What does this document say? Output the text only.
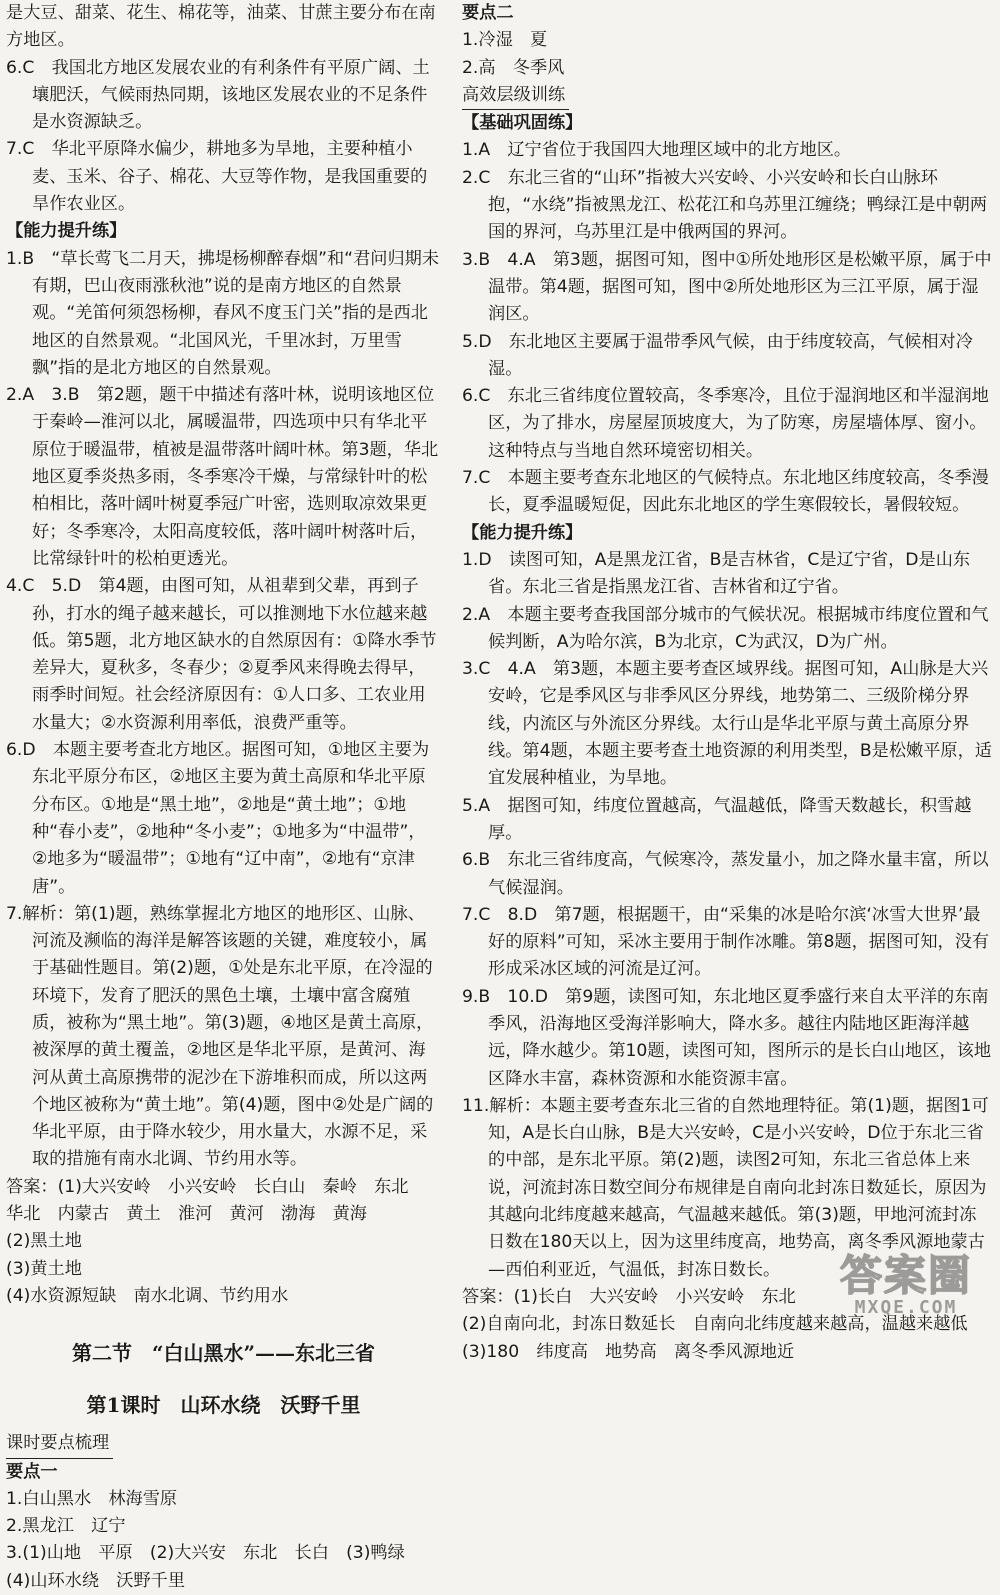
是大豆、甜菜、花生、棉花等，油菜、甘蔗主要分布在南方地区。

6.C　我国北方地区发展农业的有利条件有平原广阔、土壤肥沃，气候雨热同期，该地区发展农业的不足条件是水资源缺乏。

7.C　华北平原降水偏少，耕地多为旱地，主要种植小麦、玉米、谷子、棉花、大豆等作物，是我国重要的旱作农业区。

【能力提升练】

1.B　“草长莺飞二月天，拂堤杨柳醉春烟”和“君问归期未有期，巴山夜雨涨秋池”说的是南方地区的自然景观。“羌笛何须怨杨柳，春风不度玉门关”指的是西北地区的自然景观。“北国风光，千里冰封，万里雪飘”指的是北方地区的自然景观。

2.A　3.B　第2题，题干中描述有落叶林，说明该地区位于秦岭—淮河以北，属暖温带，四选项中只有华北平原位于暖温带，植被是温带落叶阔叶林。第3题，华北地区夏季炎热多雨，冬季寒冷干燥，与常绿针叶的松柏相比，落叶阔叶树夏季冠广叶密，选则取凉效果更好；冬季寒冷，太阳高度较低，落叶阔叶树落叶后，比常绿针叶的松柏更透光。

4.C　5.D　第4题，由图可知，从祖辈到父辈，再到子孙，打水的绳子越来越长，可以推测地下水位越来越低。第5题，北方地区缺水的自然原因有：①降水季节差异大，夏秋多，冬春少；②夏季风来得晚去得早，雨季时间短。社会经济原因有：①人口多、工农业用水量大；②水资源利用率低，浪费严重等。

6.D　本题主要考查北方地区。据图可知，①地区主要为东北平原分布区，②地区主要为黄土高原和华北平原分布区。①地是“黑土地”，②地是“黄土地”；①地种“春小麦”，②地种“冬小麦”；①地多为“中温带”，②地多为“暖温带”；①地有“辽中南”，②地有“京津唐”。

7.解析：第(1)题，熟练掌握北方地区的地形区、山脉、河流及濒临的海洋是解答该题的关键，难度较小，属于基础性题目。第(2)题，①处是东北平原，在冷湿的环境下，发育了肥沃的黑色土壤，土壤中富含腐殖质，被称为“黑土地”。第(3)题，④地区是黄土高原，被深厚的黄土覆盖，②地区是华北平原，是黄河、海河从黄土高原携带的泥沙在下游堆积而成，所以这两个地区被称为“黄土地”。第(4)题，图中②处是广阔的华北平原，由于降水较少，用水量大，水源不足，采取的措施有南水北调、节约用水等。

答案：(1)大兴安岭　小兴安岭　长白山　秦岭　东北　华北　内蒙古　黄土　淮河　黄河　渤海　黄海

(2)黑土地

(3)黄土地

(4)水资源短缺　南水北调、节约用水

第二节　“白山黑水”——东北三省

第1课时　山环水绕　沃野千里

课时要点梳理

要点一

1.白山黑水　林海雪原

2.黑龙江　辽宁

3.(1)山地　平原　(2)大兴安　东北　长白　(3)鸭绿

(4)山环水绕　沃野千里

要点二

1.冷湿　夏

2.高　冬季风

高效层级训练

【基础巩固练】

1.A　辽宁省位于我国四大地理区域中的北方地区。

2.C　东北三省的“山环”指被大兴安岭、小兴安岭和长白山脉环抱，“水绕”指被黑龙江、松花江和乌苏里江缠绕；鸭绿江是中朝两国的界河，乌苏里江是中俄两国的界河。

3.B　4.A　第3题，据图可知，图中①所处地形区是松嫩平原，属于中温带。第4题，据图可知，图中②所处地形区为三江平原，属于湿润区。

5.D　东北地区主要属于温带季风气候，由于纬度较高，气候相对冷湿。

6.C　东北三省纬度位置较高，冬季寒冷，且位于湿润地区和半湿润地区，为了排水，房屋屋顶坡度大，为了防寒，房屋墙体厚、窗小。这种特点与当地自然环境密切相关。

7.C　本题主要考查东北地区的气候特点。东北地区纬度较高，冬季漫长，夏季温暖短促，因此东北地区的学生寒假较长，暑假较短。

【能力提升练】

1.D　读图可知，A是黑龙江省，B是吉林省，C是辽宁省，D是山东省。东北三省是指黑龙江省、吉林省和辽宁省。

2.A　本题主要考查我国部分城市的气候状况。根据城市纬度位置和气候判断，A为哈尔滨，B为北京，C为武汉，D为广州。

3.C　4.A　第3题，本题主要考查区域界线。据图可知，A山脉是大兴安岭，它是季风区与非季风区分界线，地势第二、三级阶梯分界线，内流区与外流区分界线。太行山是华北平原与黄土高原分界线。第4题，本题主要考查土地资源的利用类型，B是松嫩平原，适宜发展种植业，为旱地。

5.A　据图可知，纬度位置越高，气温越低，降雪天数越长，积雪越厚。

6.B　东北三省纬度高，气候寒冷，蒸发量小，加之降水量丰富，所以气候湿润。

7.C　8.D　第7题，根据题干，由“采集的冰是哈尔滨‘冰雪大世界’最好的原料”可知，采冰主要用于制作冰雕。第8题，据图可知，没有形成采冰区域的河流是辽河。

9.B　10.D　第9题，读图可知，东北地区夏季盛行来自太平洋的东南季风，沿海地区受海洋影响大，降水多。越往内陆地区距海洋越远，降水越少。第10题，读图可知，图所示的是长白山地区，该地区降水丰富，森林资源和水能资源丰富。

11.解析：本题主要考查东北三省的自然地理特征。第(1)题，据图1可知，A是长白山脉，B是大兴安岭，C是小兴安岭，D位于东北三省的中部，是东北平原。第(2)题，读图2可知，东北三省总体上来说，河流封冻日数空间分布规律是自南向北封冻日数延长，原因为其越向北纬度越来越高，气温越来越低。第(3)题，甲地河流封冻日数在180天以上，因为这里纬度高，地势高，离冬季风源地蒙古—西伯利亚近，气温低，封冻日数长。

答案：(1)长白　大兴安岭　小兴安岭　东北

(2)自南向北，封冻日数延长　自南向北纬度越来越高，温越来越低

(3)180　纬度高　地势高　离冬季风源地近

答案圈
MXQE.COM
